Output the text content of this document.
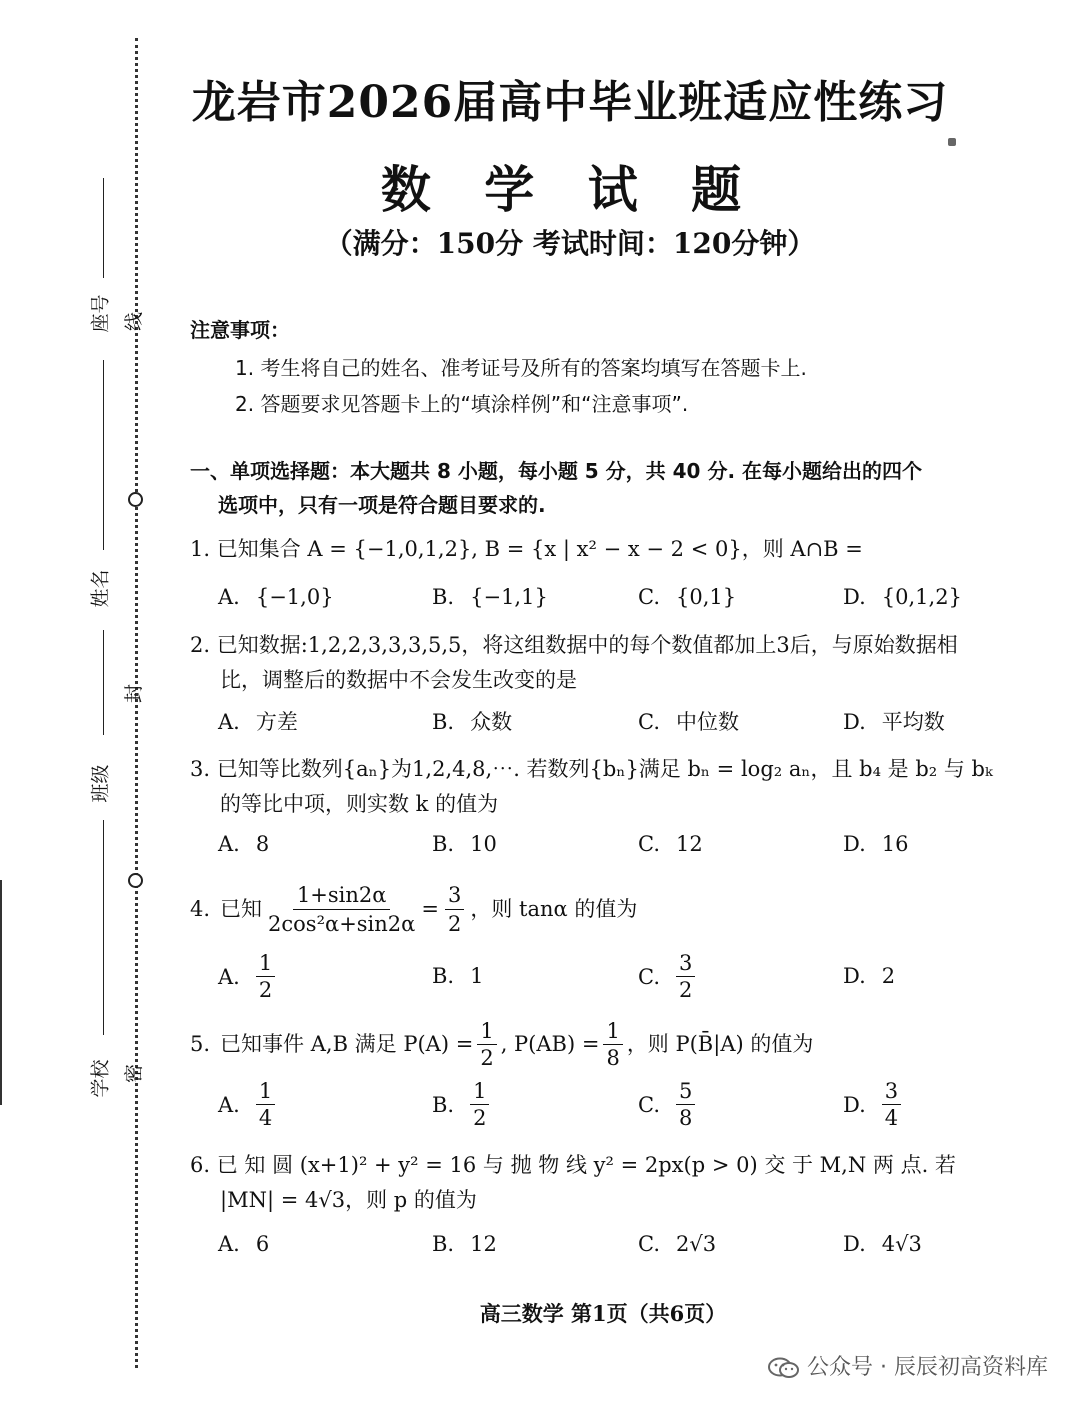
座号 线
姓名
封
班级
学校 密
龙岩市2026届高中毕业班适应性练习
数 学 试 题
（满分：150分 考试时间：120分钟）
注意事项：
1. 考生将自己的姓名、准考证号及所有的答案均填写在答题卡上.
2. 答题要求见答题卡上的“填涂样例”和“注意事项”.
一、单项选择题：本大题共 8 小题，每小题 5 分，共 40 分. 在每小题给出的四个
选项中，只有一项是符合题目要求的.
1. 已知集合 A = {−1,0,1,2}, B = {x | x² − x − 2 < 0}，则 A∩B =
A. {−1,0}	B. {−1,1}	C. {0,1}	D. {0,1,2}
2. 已知数据:1,2,2,3,3,3,5,5，将这组数据中的每个数值都加上3后，与原始数据相
比，调整后的数据中不会发生改变的是
A. 方差	B. 众数	C. 中位数	D. 平均数
3. 已知等比数列{aₙ}为1,2,4,8,⋯. 若数列{bₙ}满足 bₙ = log₂ aₙ，且 b₄ 是 b₂ 与 bₖ
的等比中项，则实数 k 的值为
A. 8	B. 10	C. 12	D. 16
4. 已知 $\frac{1+\sin 2\alpha}{\text{2cos²α+sin2α}} = \frac{3}{2}$ ，则 tanα 的值为
A.
1
2
B. 1	C.
3
2
D. 2
5. 已知事件 A,B 满足 $P(A) = \frac{1}{2}$ , $P(AB) = \frac{1}{8}$ ，则 P(B̄|A) 的值为
A.
1
4
B.
1
2
C.
5
8
D.
3
4
6. 已 知 圆 (x+1)² + y² = 16 与 抛 物 线 y² = 2px(p > 0) 交 于 M,N 两 点. 若
|MN| = 4√3，则 p 的值为
A. 6	B. 12	C. 2√3	D. 4√3
高三数学 第1页（共6页）
公众号 · 辰辰初高资料库
